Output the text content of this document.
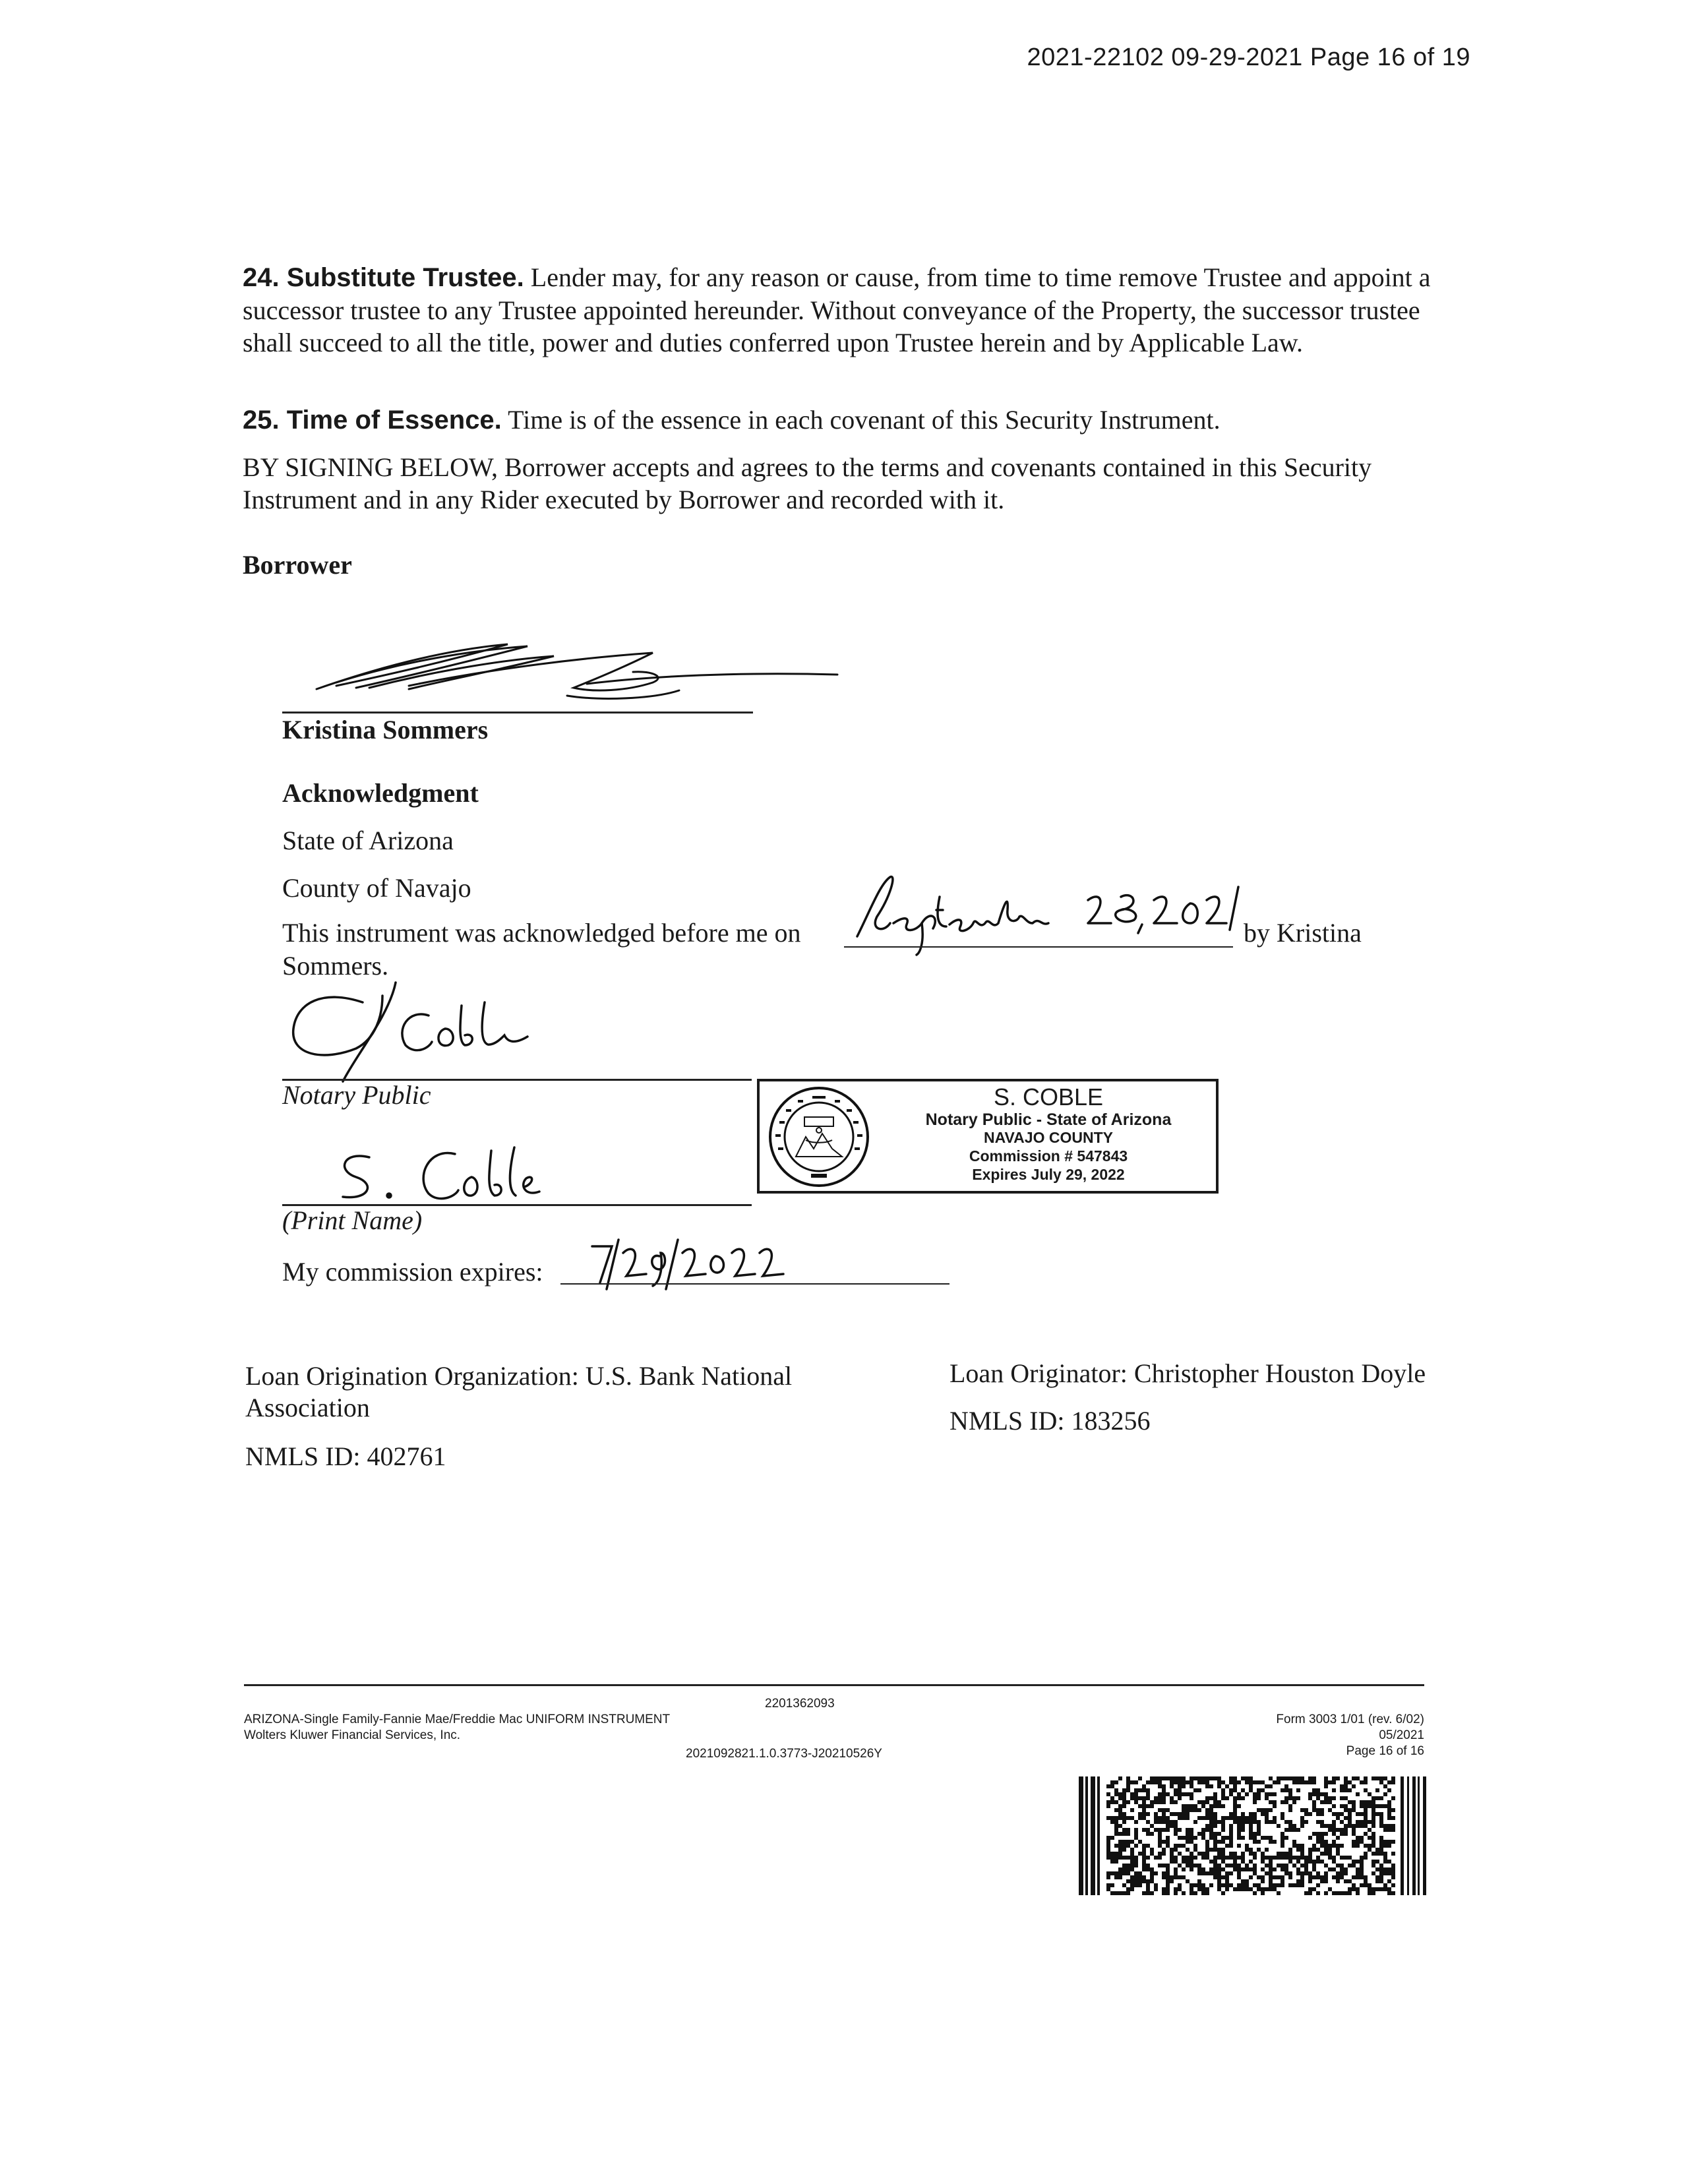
2021-22102 09-29-2021 Page 16 of 19
24. Substitute Trustee. Lender may, for any reason or cause, from time to time remove Trustee and appoint a successor trustee to any Trustee appointed hereunder. Without conveyance of the Property, the successor trustee shall succeed to all the title, power and duties conferred upon Trustee herein and by Applicable Law.
25. Time of Essence. Time is of the essence in each covenant of this Security Instrument.
BY SIGNING BELOW, Borrower accepts and agrees to the terms and covenants contained in this Security Instrument and in any Rider executed by Borrower and recorded with it.
Borrower
Kristina Sommers
Acknowledgment
State of Arizona
County of Navajo
This instrument was acknowledged before me on	by Kristina
Sommers.
Notary Public
(Print Name)
My commission expires:
S. COBLE
Notary Public - State of Arizona
NAVAJO COUNTY
Commission # 547843
Expires July 29, 2022
Loan Origination Organization: U.S. Bank National
Association
NMLS ID: 402761
Loan Originator: Christopher Houston Doyle
NMLS ID: 183256
2201362093
ARIZONA-Single Family-Fannie Mae/Freddie Mac UNIFORM INSTRUMENT
Wolters Kluwer Financial Services, Inc.
2021092821.1.0.3773-J20210526Y
Form 3003 1/01 (rev. 6/02)
05/2021
Page 16 of 16
